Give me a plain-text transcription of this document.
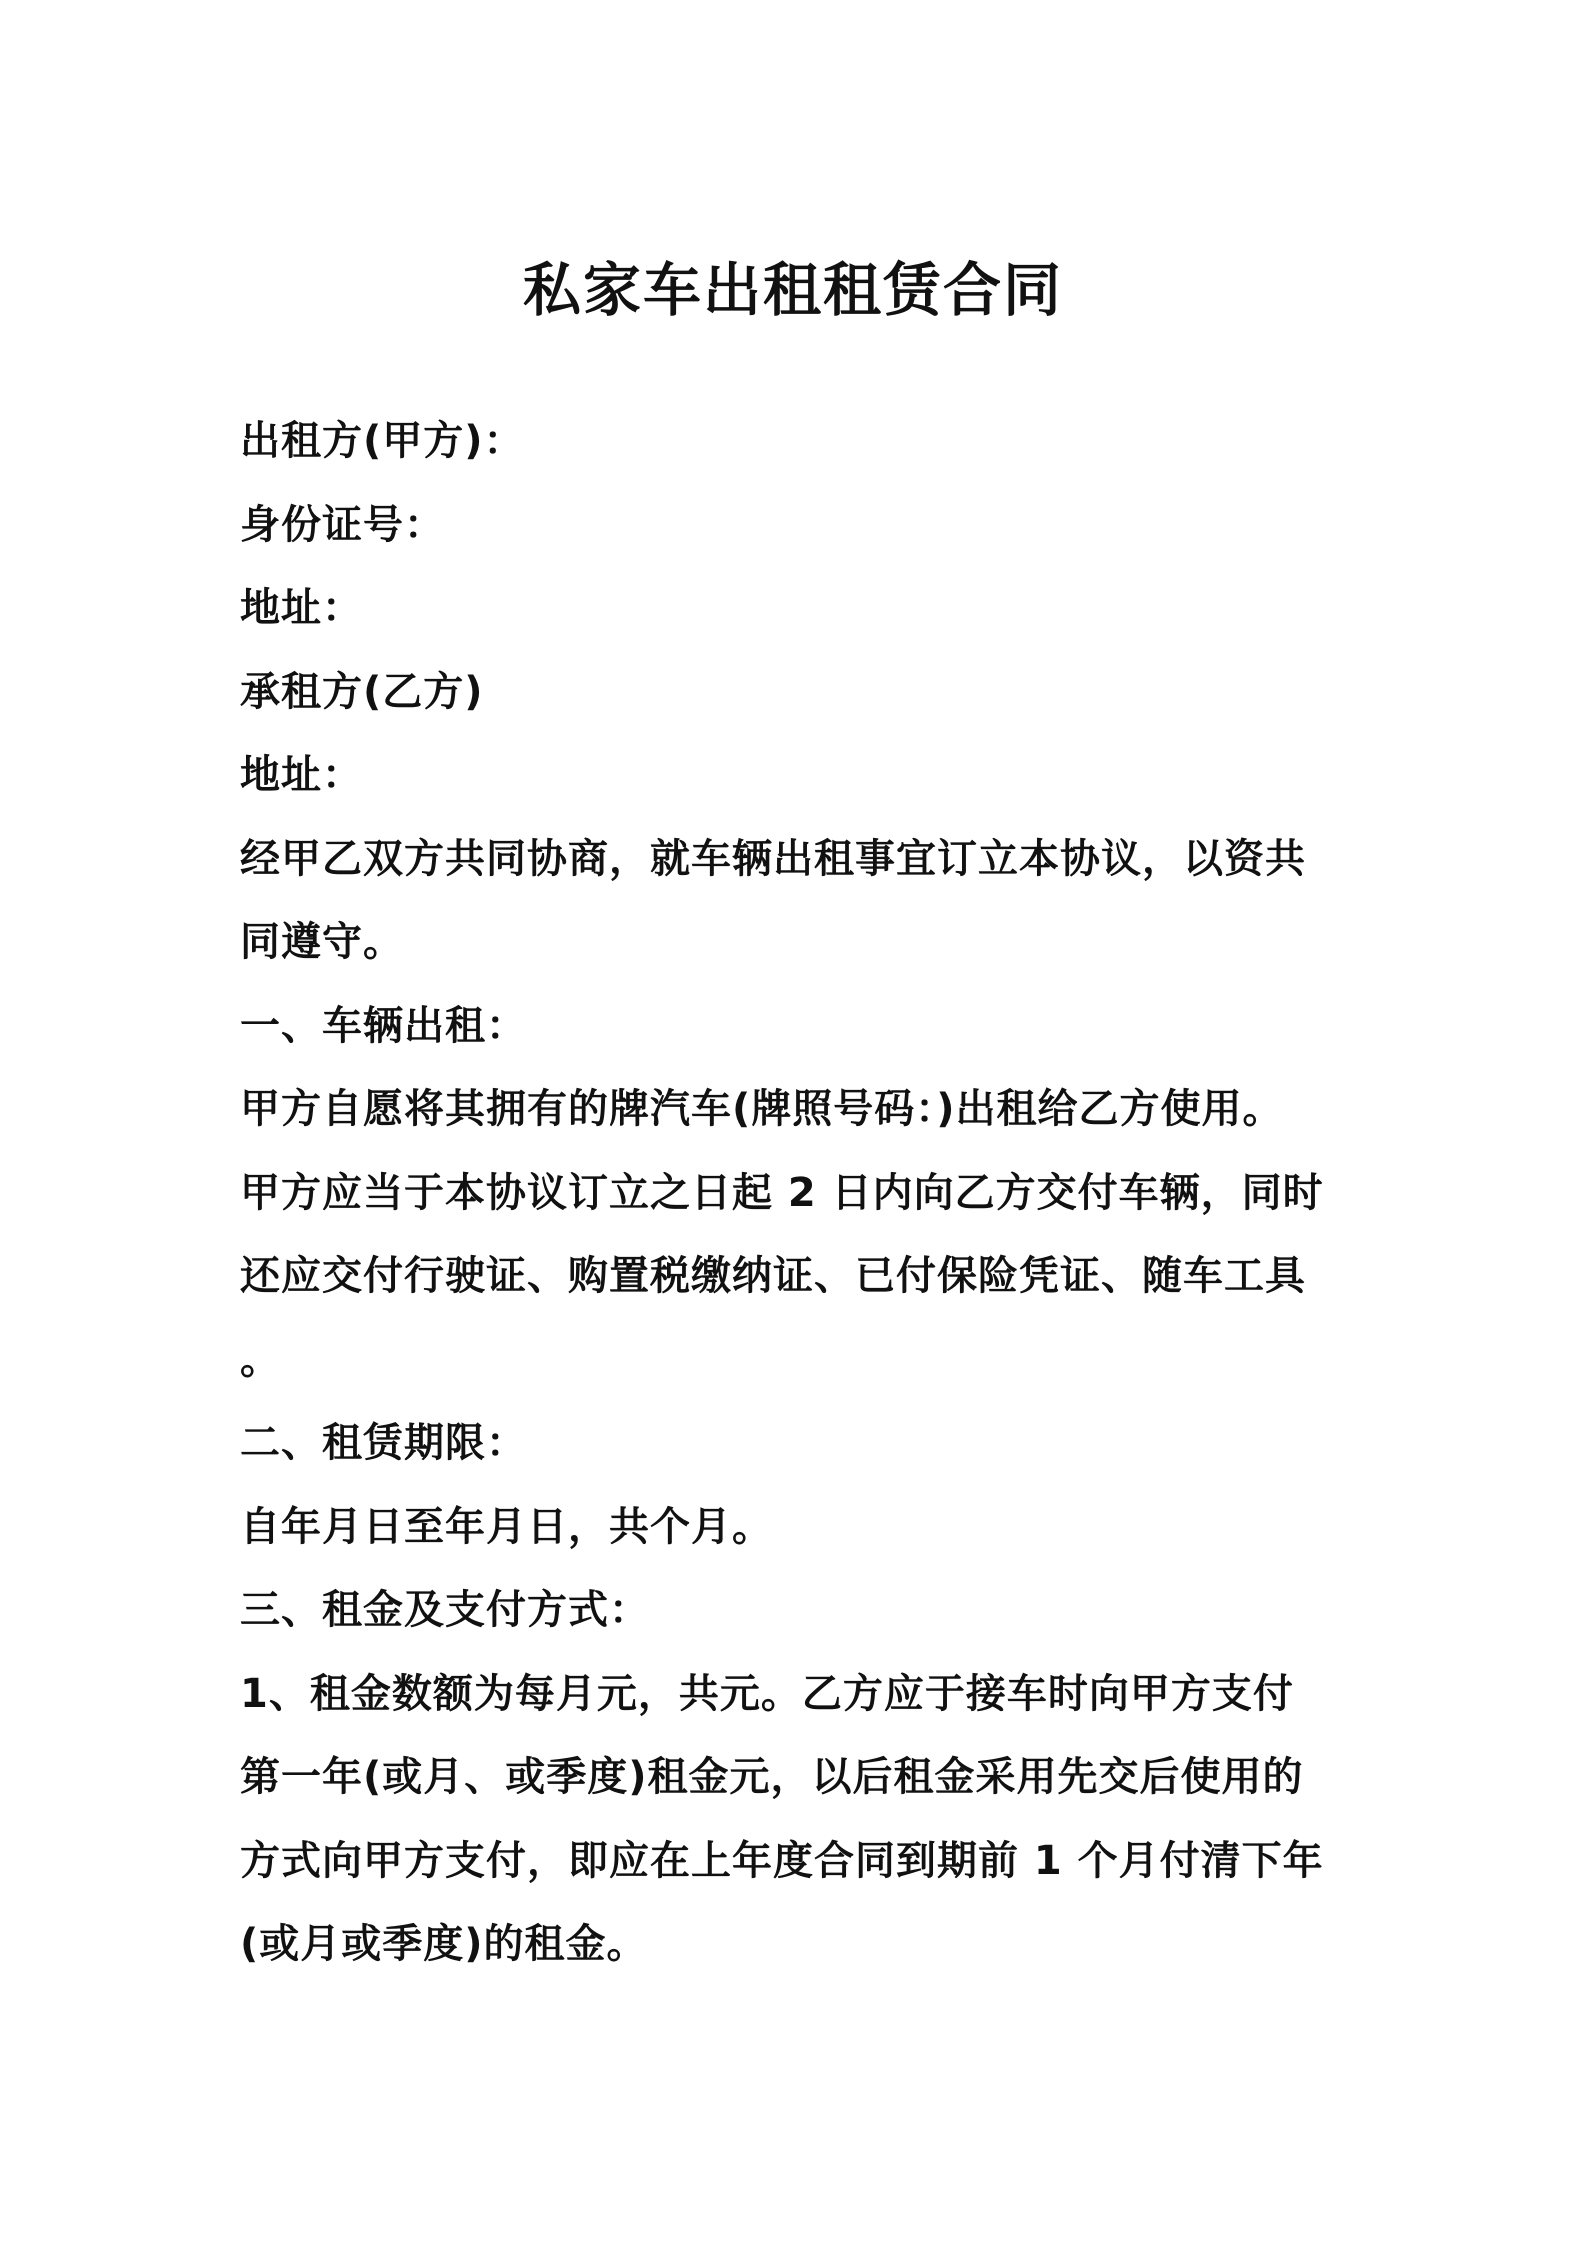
私家车出租租赁合同
出租方(甲方)：
身份证号：
地址：
承租方(乙方)
地址：
经甲乙双方共同协商，就车辆出租事宜订立本协议，以资共
同遵守。
一、车辆出租：
甲方自愿将其拥有的牌汽车(牌照号码：)出租给乙方使用。
甲方应当于本协议订立之日起 2 日内向乙方交付车辆，同时
还应交付行驶证、购置税缴纳证、已付保险凭证、随车工具
。
二、租赁期限：
自年月日至年月日，共个月。
三、租金及支付方式：
1、租金数额为每月元，共元。乙方应于接车时向甲方支付
第一年(或月、或季度)租金元，以后租金采用先交后使用的
方式向甲方支付，即应在上年度合同到期前 1 个月付清下年
(或月或季度)的租金。
